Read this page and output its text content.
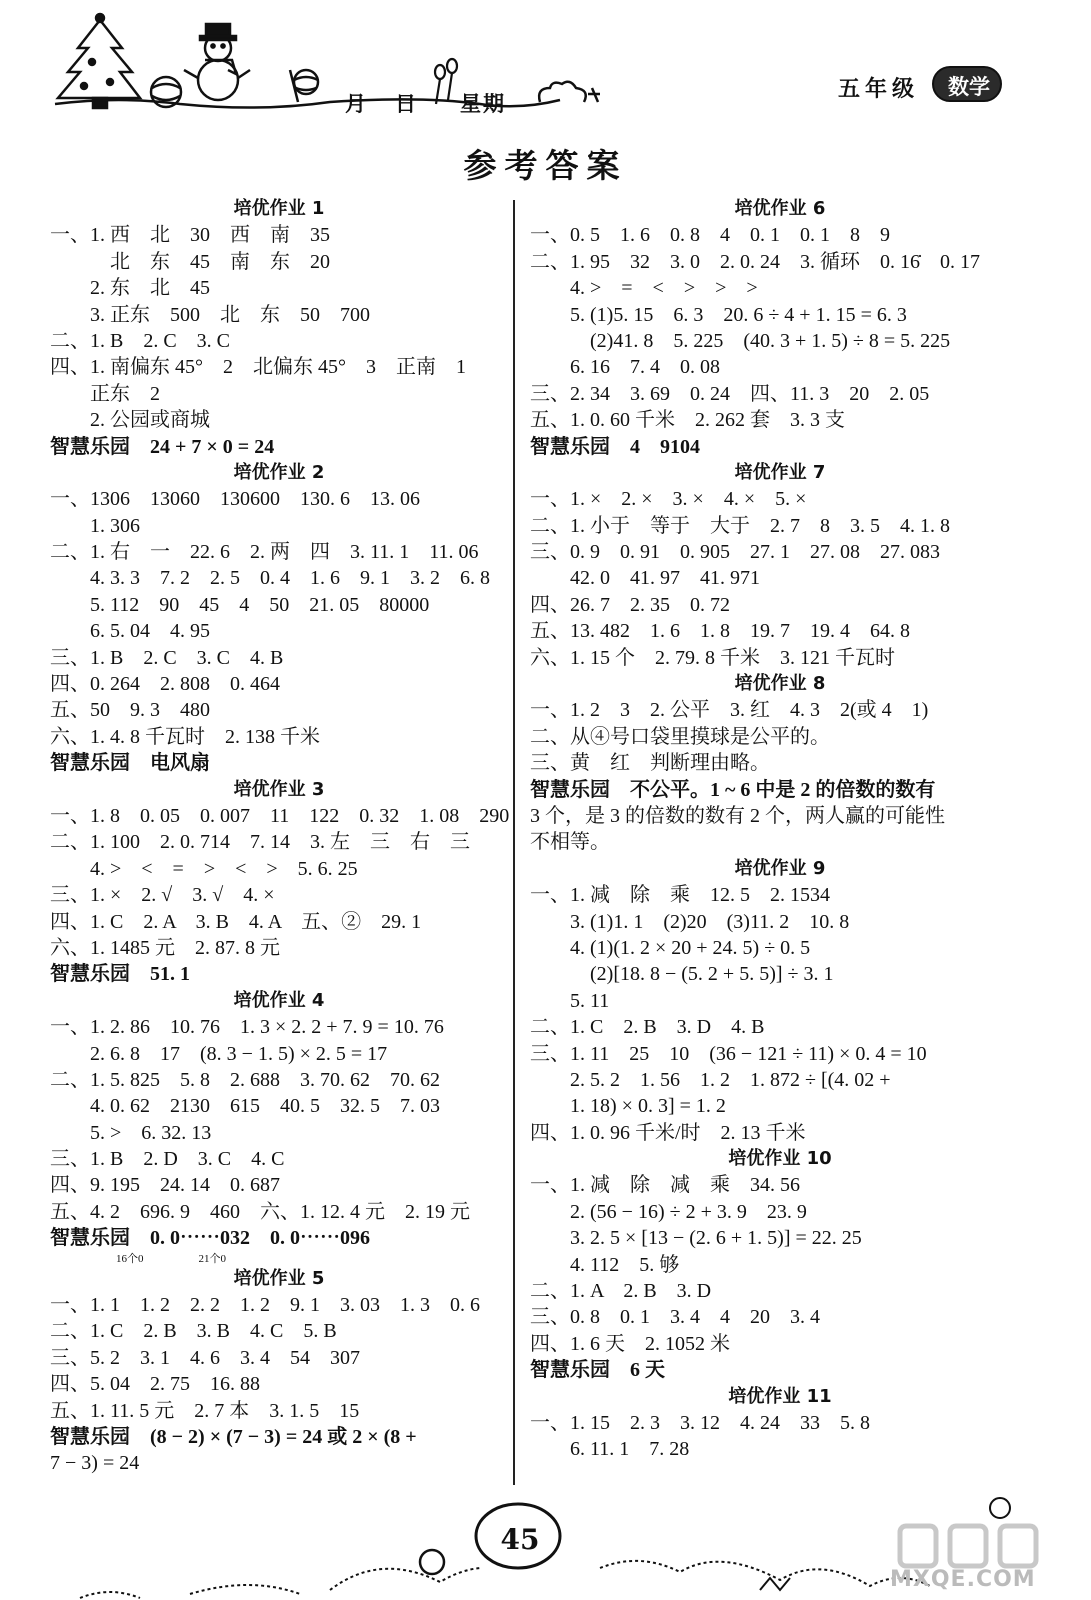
月 日 星期
五年级	数学
参考答案
培优作业 1
一、1. 西　北　30　西　南　35
　　　北　东　45　南　东　20
　　2. 东　北　45
　　3. 正东　500　北　东　50　700
二、1. B　2. C　3. C
四、1. 南偏东 45°　2　北偏东 45°　3　正南　1
　　正东　2
　　2. 公园或商城
智慧乐园　24 + 7 × 0 = 24
培优作业 2
一、1306　13060　130600　130. 6　13. 06
　　1. 306
二、1. 右　一　22. 6　2. 两　四　3. 11. 1　11. 06
　　4. 3. 3　7. 2　2. 5　0. 4　1. 6　9. 1　3. 2　6. 8
　　5. 112　90　45　4　50　21. 05　80000
　　6. 5. 04　4. 95
三、1. B　2. C　3. C　4. B
四、0. 264　2. 808　0. 464
五、50　9. 3　480
六、1. 4. 8 千瓦时　2. 138 千米
智慧乐园　电风扇
培优作业 3
一、1. 8　0. 05　0. 007　11　122　0. 32　1. 08　290
二、1. 100　2. 0. 714　7. 14　3. 左　三　右　三
　　4. >　<　=　>　<　>　5. 6. 25
三、1. ×　2. √　3. √　4. ×
四、1. C　2. A　3. B　4. A　五、②　29. 1
六、1. 1485 元　2. 87. 8 元
智慧乐园　51. 1
培优作业 4
一、1. 2. 86　10. 76　1. 3 × 2. 2 + 7. 9 = 10. 76
　　2. 6. 8　17　(8. 3 − 1. 5) × 2. 5 = 17
二、1. 5. 825　5. 8　2. 688　3. 70. 62　70. 62
　　4. 0. 62　2130　615　40. 5　32. 5　7. 03
　　5. >　6. 32. 13
三、1. B　2. D　3. C　4. C
四、9. 195　24. 14　0. 687
五、4. 2　696. 9　460　六、1. 12. 4 元　2. 19 元
智慧乐园　0. 0⋯⋯032　0. 0⋯⋯096
　　　　　　16个0　　　　　21个0
培优作业 5
一、1. 1　1. 2　2. 2　1. 2　9. 1　3. 03　1. 3　0. 6
二、1. C　2. B　3. B　4. C　5. B
三、5. 2　3. 1　4. 6　3. 4　54　307
四、5. 04　2. 75　16. 88
五、1. 11. 5 元　2. 7 本　3. 1. 5　15
智慧乐园　(8 − 2) × (7 − 3) = 24 或 2 × (8 +
7 − 3) = 24
培优作业 6
一、0. 5　1. 6　0. 8　4　0. 1　0. 1　8　9
二、1. 95　32　3. 0　2. 0. 24　3. 循环　0. 16̇　0. 17
　　4. >　=　<　>　>　>
　　5. (1)5. 15　6. 3　20. 6 ÷ 4 + 1. 15 = 6. 3
　　　(2)41. 8　5. 225　(40. 3 + 1. 5) ÷ 8 = 5. 225
　　6. 16　7. 4　0. 08
三、2. 34　3. 69　0. 24　四、11. 3　20　2. 05
五、1. 0. 60 千米　2. 262 套　3. 3 支
智慧乐园　4　9104
培优作业 7
一、1. ×　2. ×　3. ×　4. ×　5. ×
二、1. 小于　等于　大于　2. 7　8　3. 5　4. 1. 8
三、0. 9　0. 91　0. 905　27. 1　27. 08　27. 083
　　42. 0　41. 97　41. 971
四、26. 7　2. 35　0. 72
五、13. 482　1. 6　1. 8　19. 7　19. 4　64. 8
六、1. 15 个　2. 79. 8 千米　3. 121 千瓦时
培优作业 8
一、1. 2　3　2. 公平　3. 红　4. 3　2(或 4　1)
二、从④号口袋里摸球是公平的。
三、黄　红　判断理由略。
智慧乐园　不公平。1 ~ 6 中是 2 的倍数的数有
3 个，是 3 的倍数的数有 2 个，两人赢的可能性
不相等。
培优作业 9
一、1. 减　除　乘　12. 5　2. 1534
　　3. (1)1. 1　(2)20　(3)11. 2　10. 8
　　4. (1)(1. 2 × 20 + 24. 5) ÷ 0. 5
　　　(2)[18. 8 − (5. 2 + 5. 5)] ÷ 3. 1
　　5. 11
二、1. C　2. B　3. D　4. B
三、1. 11　25　10　(36 − 121 ÷ 11) × 0. 4 = 10
　　2. 5. 2　1. 56　1. 2　1. 872 ÷ [(4. 02 +
　　1. 18) × 0. 3] = 1. 2
四、1. 0. 96 千米/时　2. 13 千米
培优作业 10
一、1. 减　除　减　乘　34. 56
　　2. (56 − 16) ÷ 2 + 3. 9　23. 9
　　3. 2. 5 × [13 − (2. 6 + 1. 5)] = 22. 25
　　4. 112　5. 够
二、1. A　2. B　3. D
三、0. 8　0. 1　3. 4　4　20　3. 4
四、1. 6 天　2. 1052 米
智慧乐园　6 天
培优作业 11
一、1. 15　2. 3　3. 12　4. 24　33　5. 8
　　6. 11. 1　7. 28
45
MXQE.COM
